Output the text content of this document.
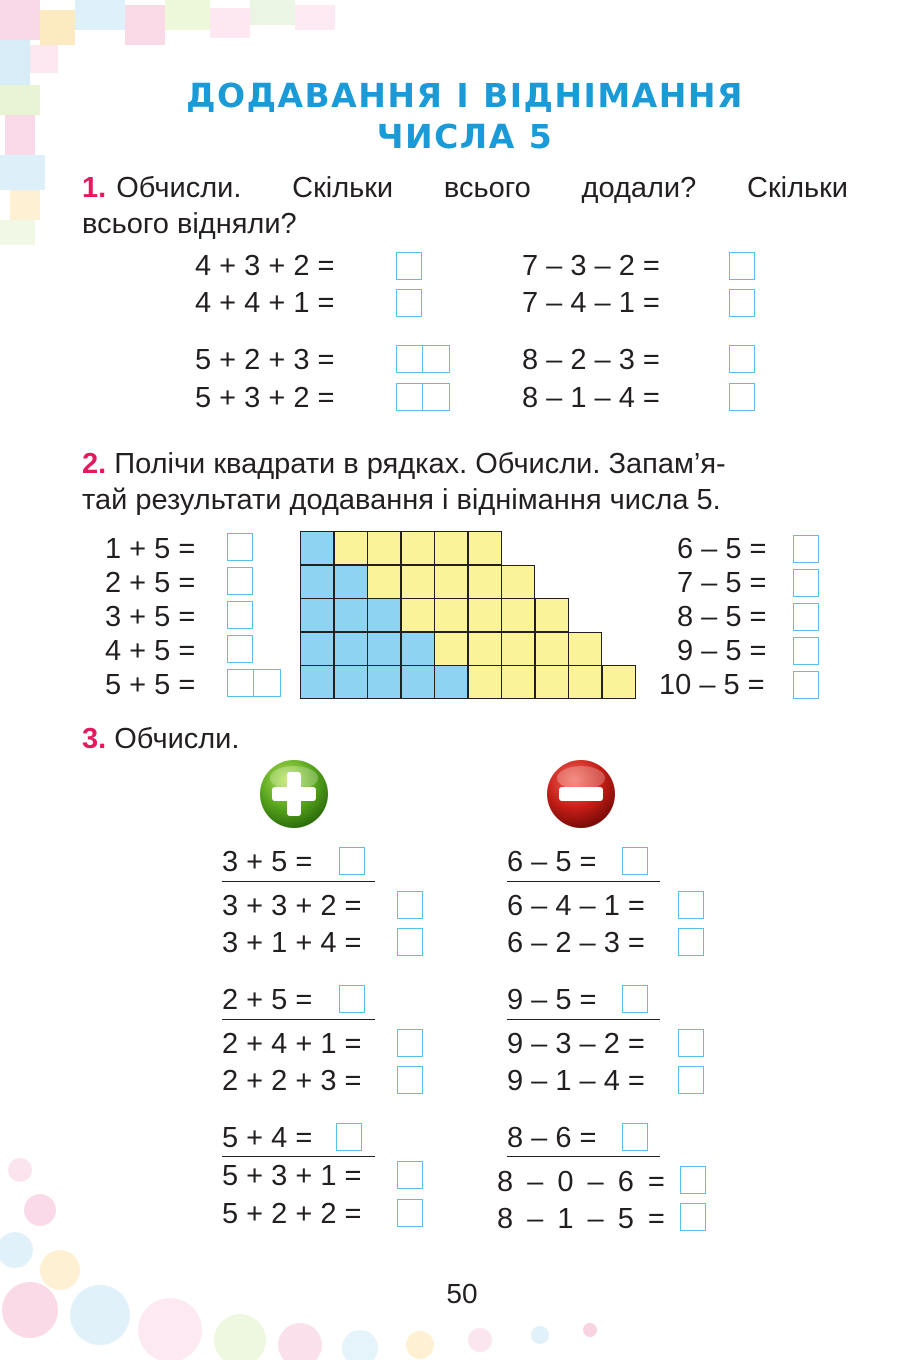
ДОДАВАННЯ І ВІДНІМАННЯ
ЧИСЛА 5
1. Обчисли. Скільки всього додали? Скільки
всього відняли?
4 + 3 + 2 =
4 + 4 + 1 =
5 + 2 + 3 =
5 + 3 + 2 =
7 – 3 – 2 =
7 – 4 – 1 =
8 – 2 – 3 =
8 – 1 – 4 =
2. Полічи квадрати в рядках. Обчисли. Запам’я-
тай результати додавання і віднімання числа 5.
1 + 5 =
2 + 5 =
3 + 5 =
4 + 5 =
5 + 5 =
6 – 5 =
7 – 5 =
8 – 5 =
9 – 5 =
10 – 5 =
3. Обчисли.
3 + 5 =
3 + 3 + 2 =
3 + 1 + 4 =
2 + 5 =
2 + 4 + 1 =
2 + 2 + 3 =
5 + 4 =
5 + 3 + 1 =
5 + 2 + 2 =
6 – 5 =
6 – 4 – 1 =
6 – 2 – 3 =
9 – 5 =
9 – 3 – 2 =
9 – 1 – 4 =
8 – 6 =
8 – 0 – 6 =
8 – 1 – 5 =
50
